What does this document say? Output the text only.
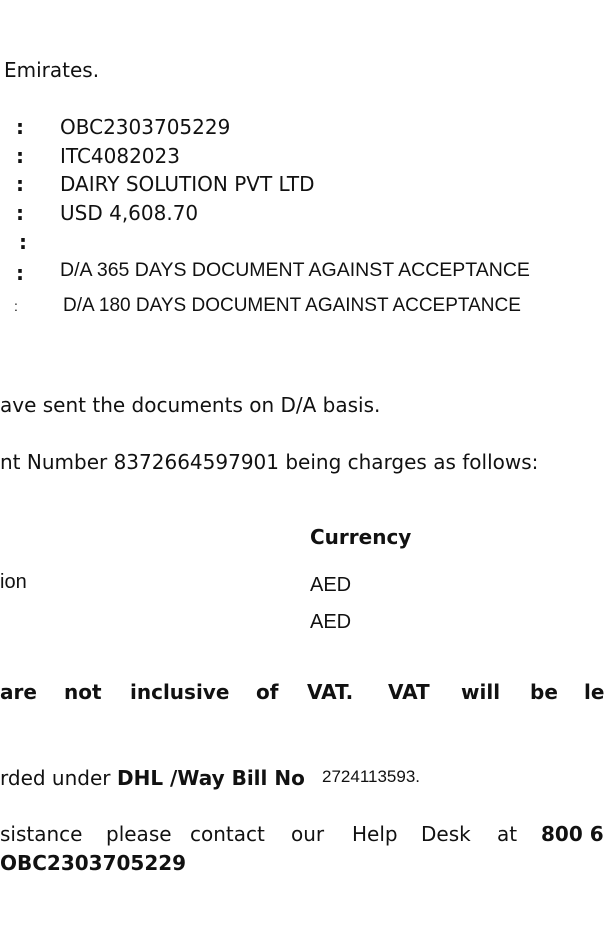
Emirates.
: OBC2303705229
: ITC4082023
: DAIRY SOLUTION PVT LTD
: USD 4,608.70
:
: D/A 365 DAYS DOCUMENT AGAINST ACCEPTANCE
: D/A 180 DAYS DOCUMENT AGAINST ACCEPTANCE
ave sent the documents on D/A basis.
nt Number 8372664597901 being charges as follows:
Currency
ion	AED
AED
are not inclusive of VAT. VAT will be le
rded under DHL /Way Bill No 2724113593.
sistance please contact our Help Desk at 800 6
OBC2303705229
